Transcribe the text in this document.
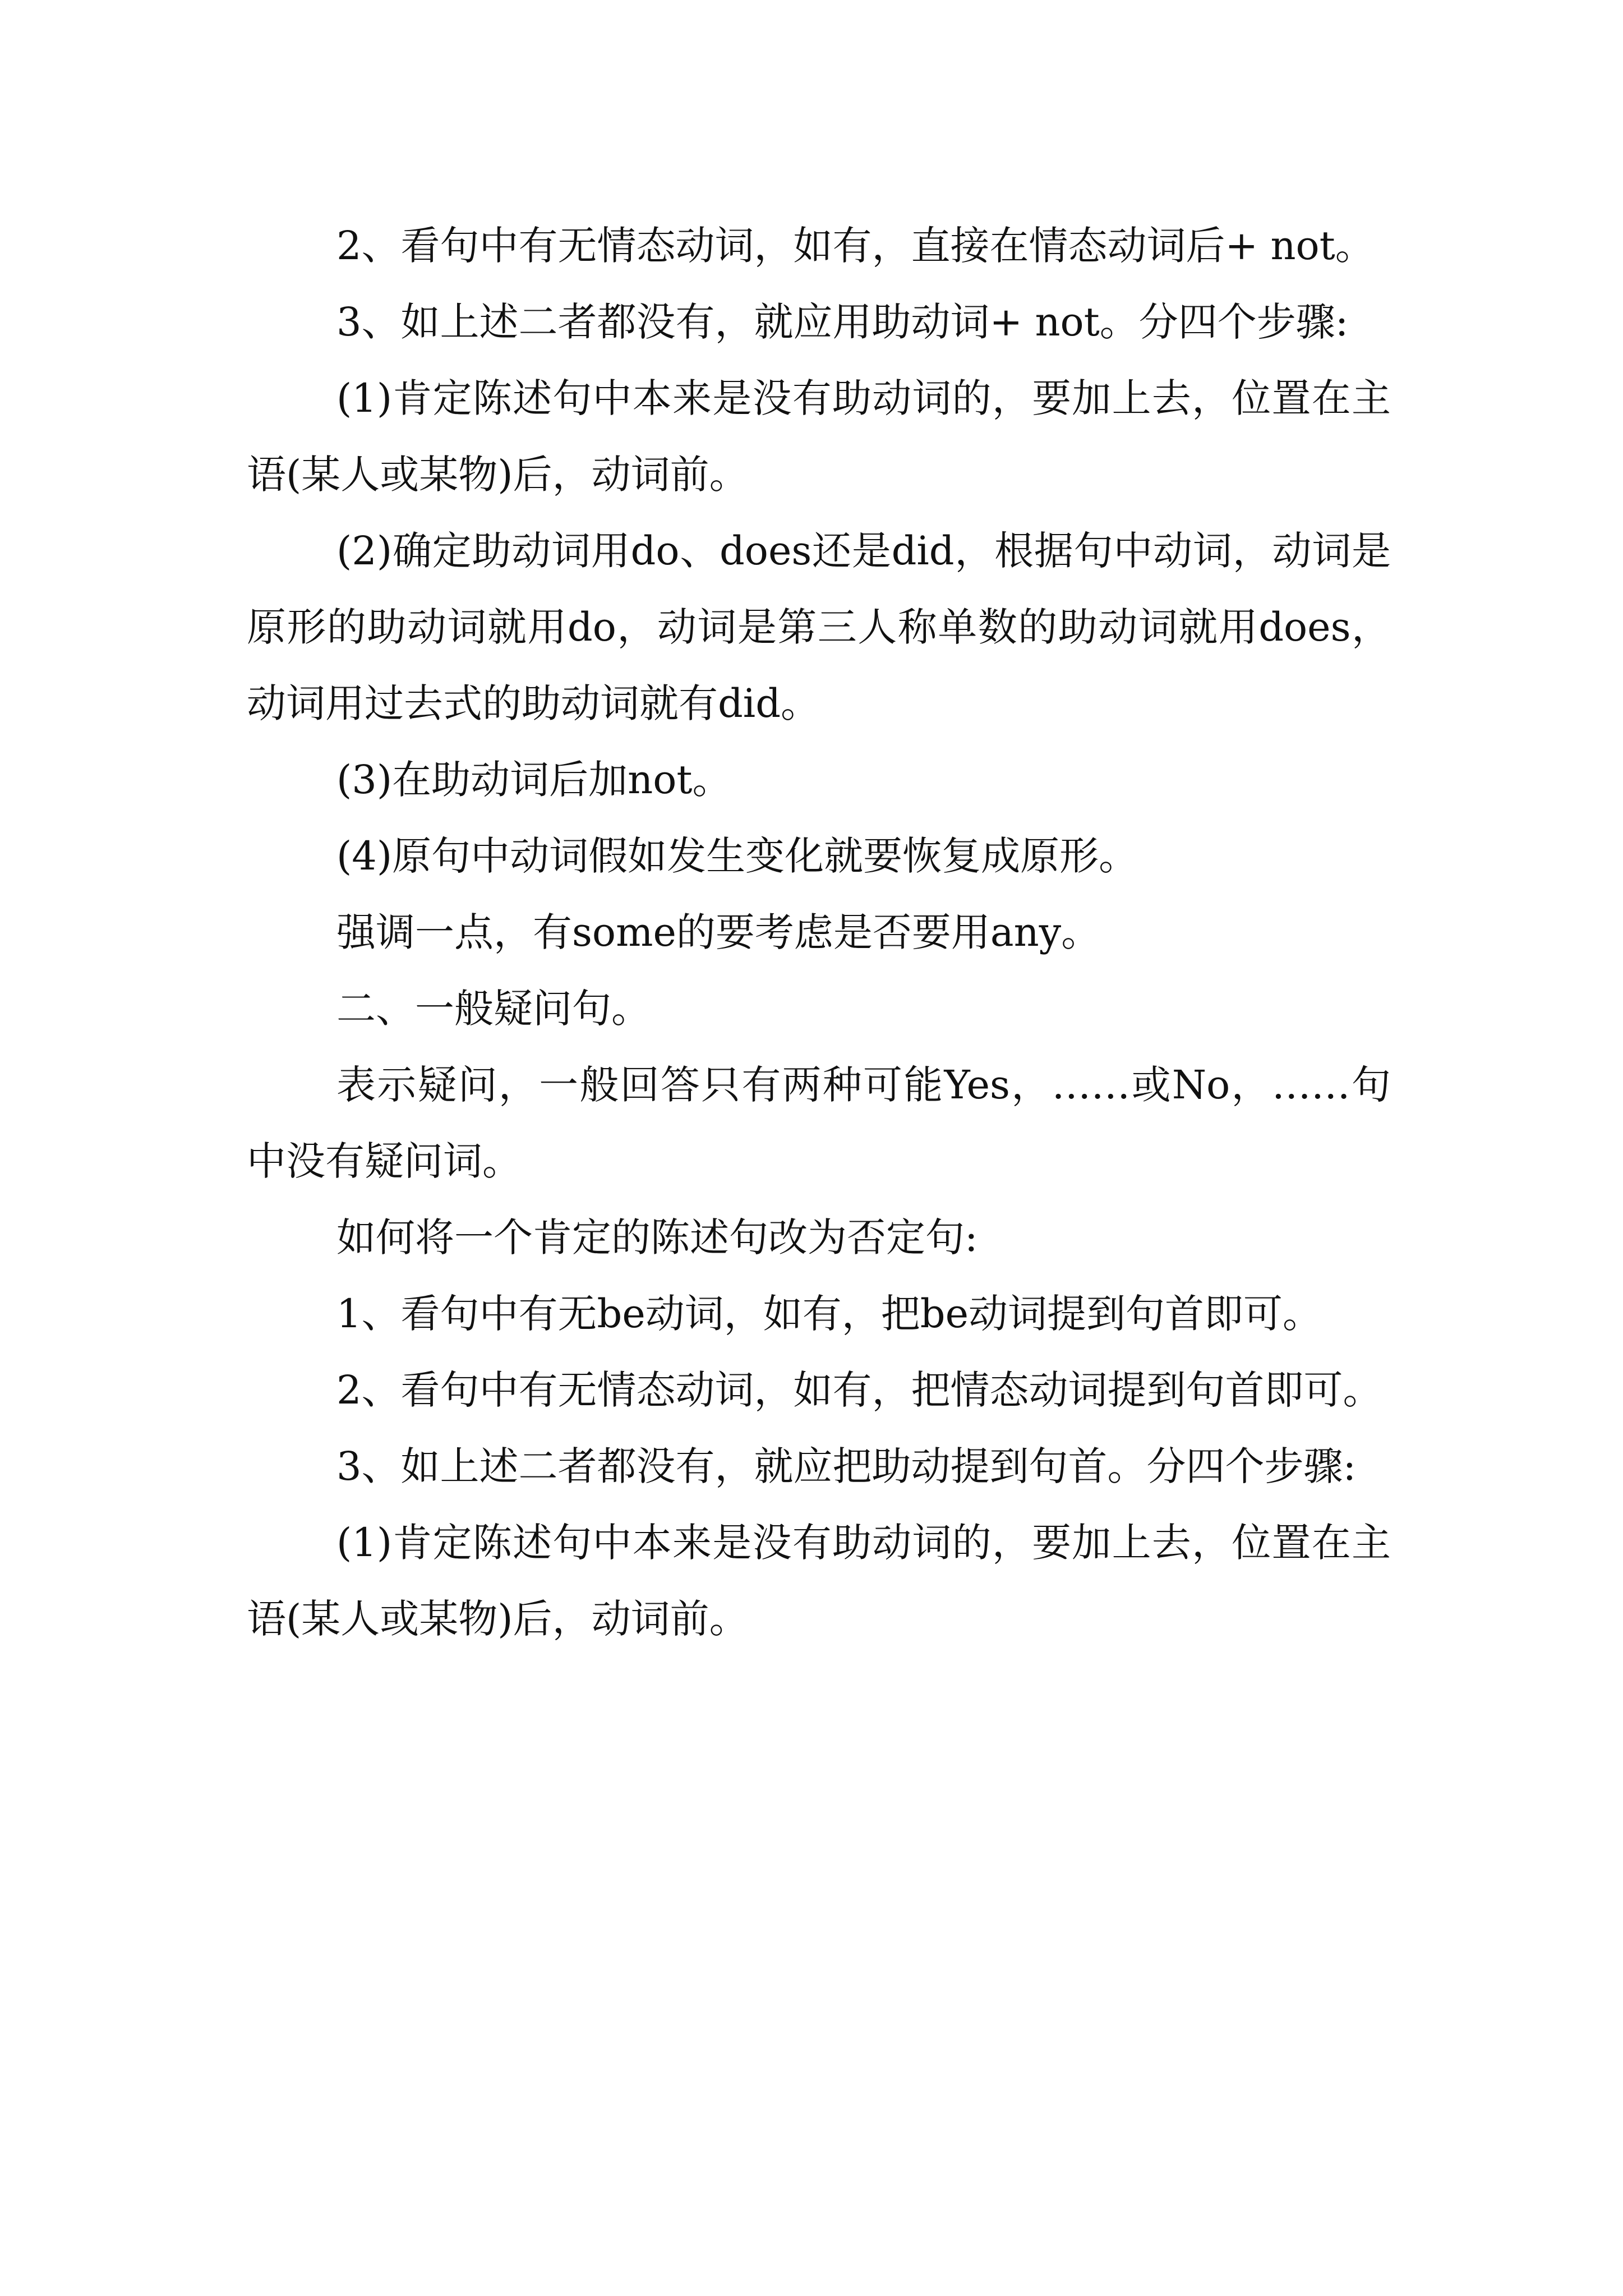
2、看句中有无情态动词，如有，直接在情态动词后+ not。

3、如上述二者都没有，就应用助动词+ not。分四个步骤:

(1)肯定陈述句中本来是没有助动词的，要加上去，位置在主语(某人或某物)后，动词前。

(2)确定助动词用do、does还是did，根据句中动词，动词是原形的助动词就用do，动词是第三人称单数的助动词就用does，动词用过去式的助动词就有did。

(3)在助动词后加not。

(4)原句中动词假如发生变化就要恢复成原形。

强调一点，有some的要考虑是否要用any。

二、一般疑问句。

表示疑问，一般回答只有两种可能Yes，……或No，……句中没有疑问词。

如何将一个肯定的陈述句改为否定句:

1、看句中有无be动词，如有，把be动词提到句首即可。

2、看句中有无情态动词，如有，把情态动词提到句首即可。

3、如上述二者都没有，就应把助动提到句首。分四个步骤:

(1)肯定陈述句中本来是没有助动词的，要加上去，位置在主语(某人或某物)后，动词前。
